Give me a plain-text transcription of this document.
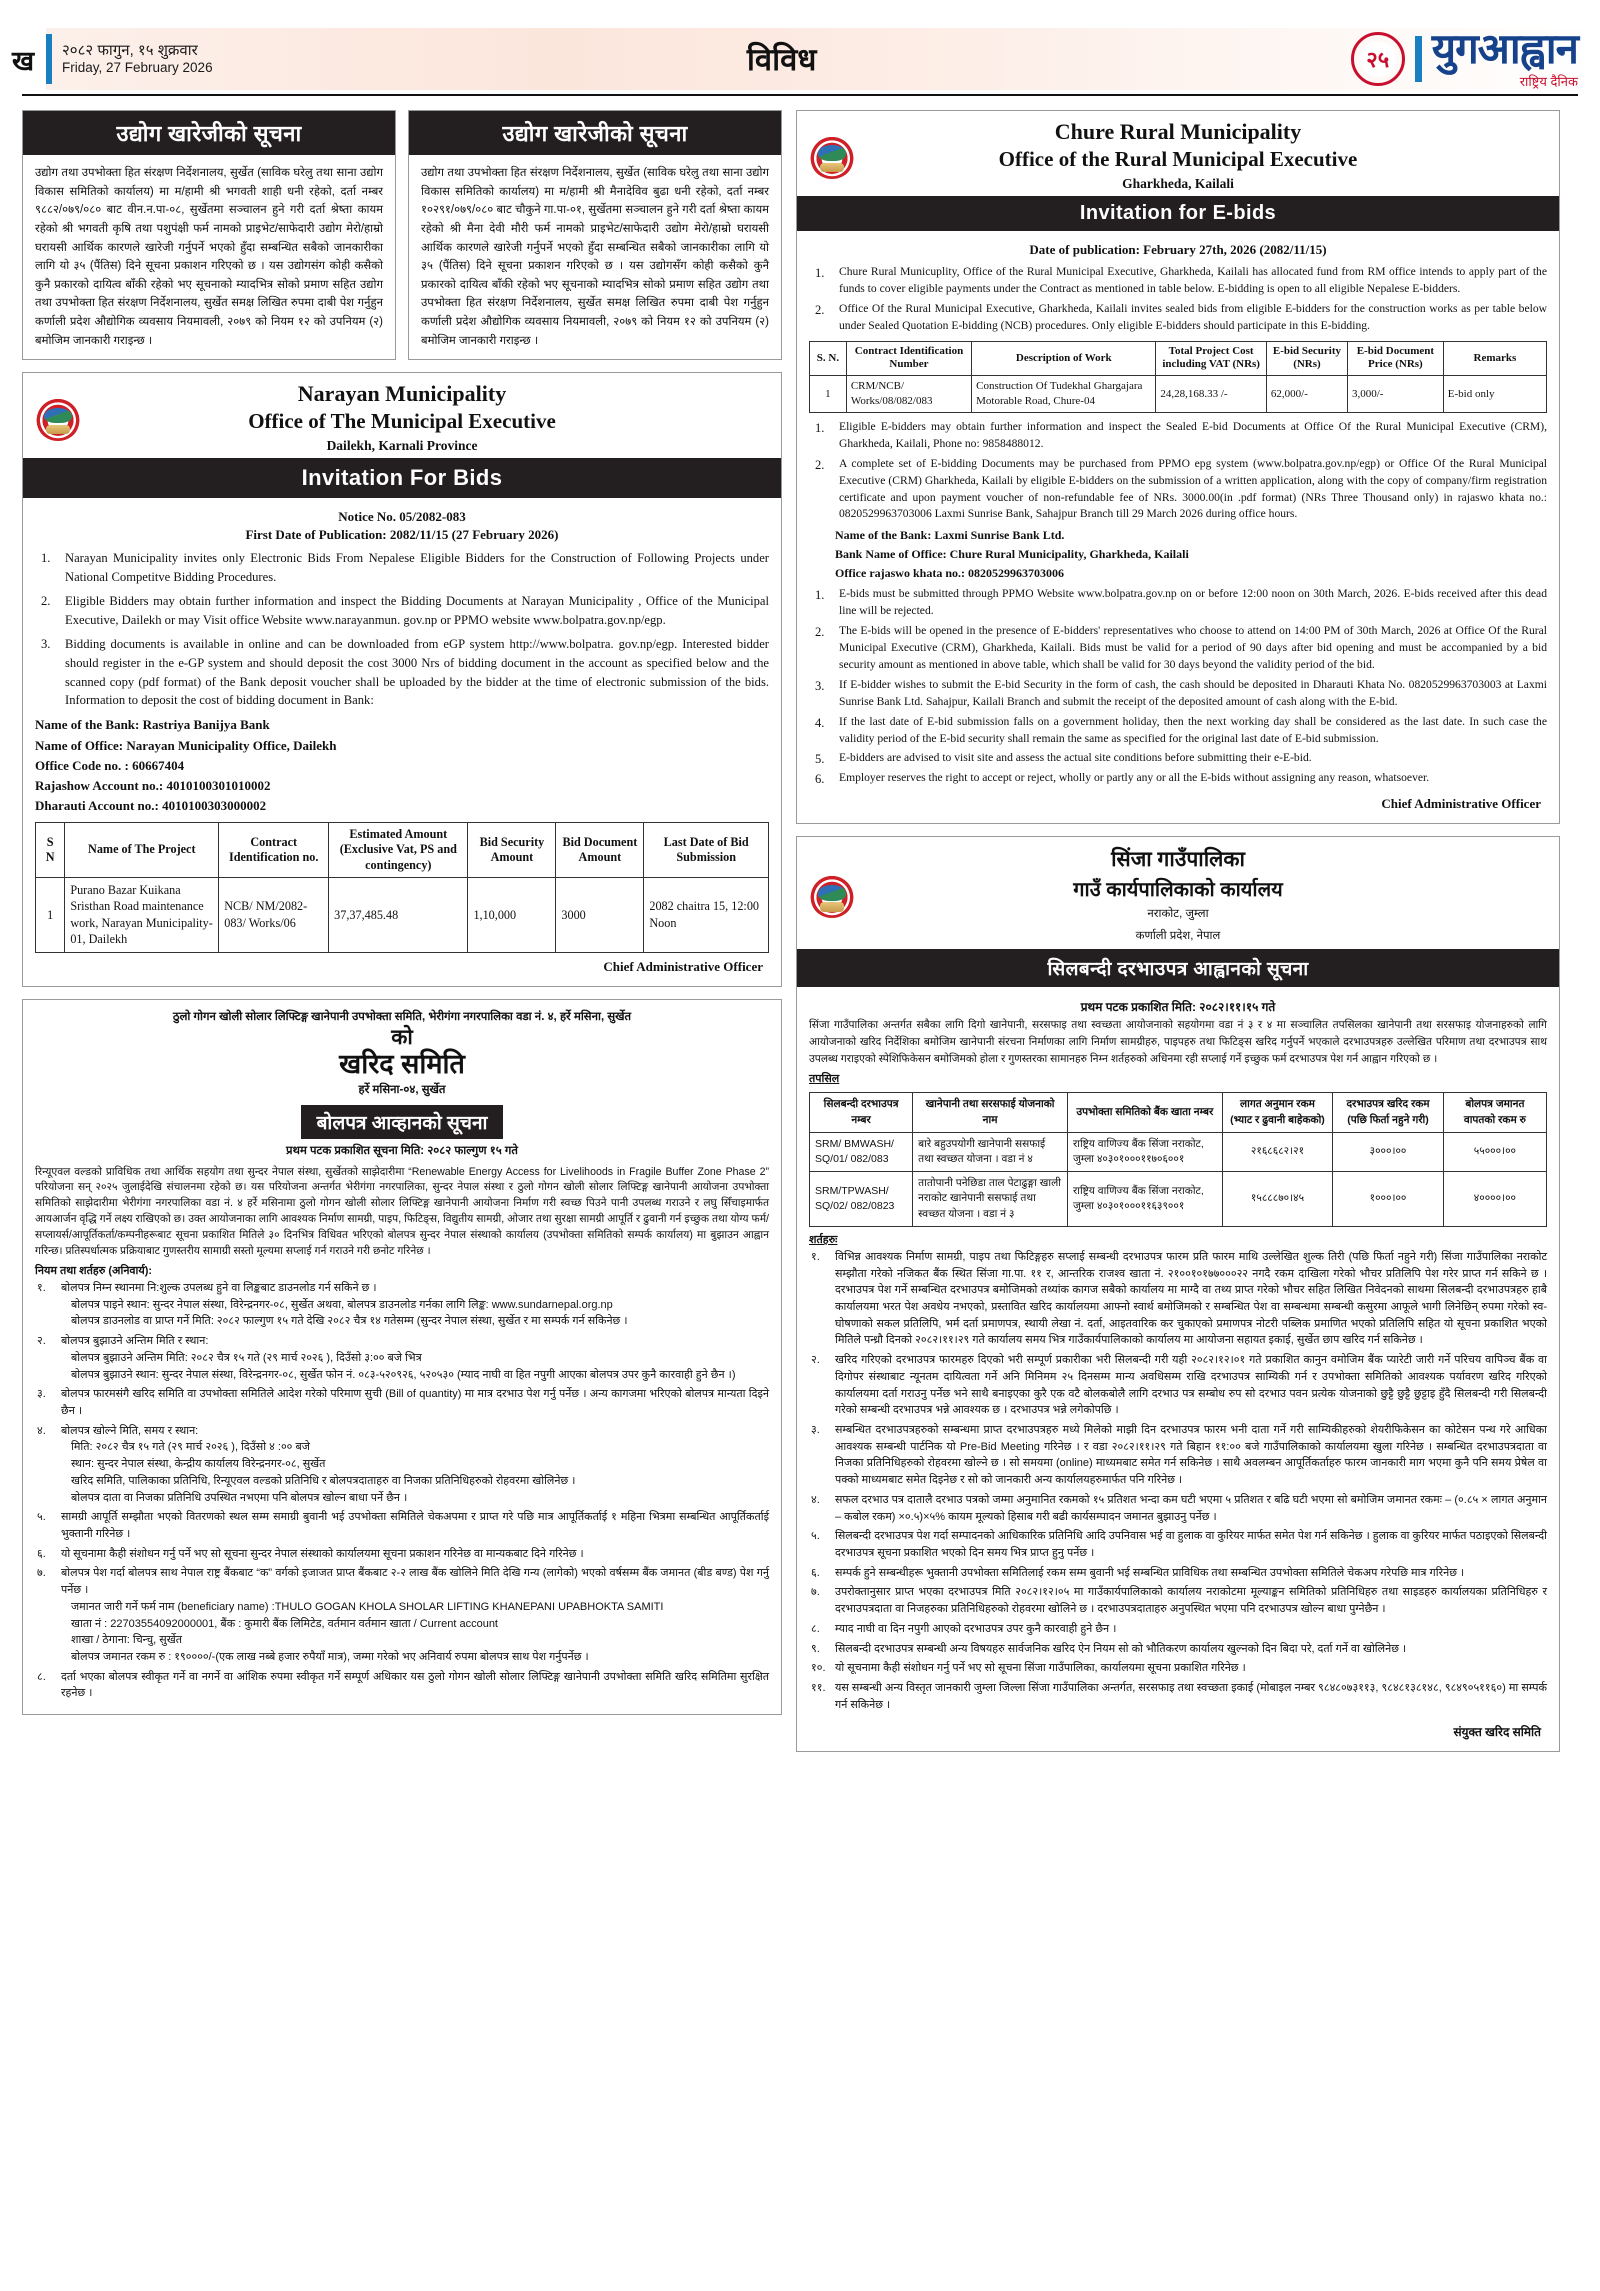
ख	२०८२ फागुन, १५ शुक्रवार
Friday, 27 February 2026	विविध	२५ युगआह्वान
राष्ट्रिय दैनिक
उद्योग खारेजीको सूचना
उद्योग तथा उपभोक्ता हित संरक्षण निर्देशनालय, सुर्खेत (साविक घरेलु तथा साना उद्योग विकास समितिको कार्यालय) मा म/हामी श्री भगवती शाही धनी रहेको, दर्ता नम्बर ९८८२/०७९/०८० बाट वीन.न.पा-०८, सुर्खेतमा सञ्चालन हुने गरी दर्ता श्रेष्ता कायम रहेको श्री भगवती कृषि तथा पशुपंक्षी फर्म नामको प्राइभेट/साफेदारी उद्योग मेरो/हाम्रो घरायसी आर्थिक कारणले खारेजी गर्नुपर्ने भएको हुँदा सम्बन्धित सबैको जानकारीका लागि यो ३५ (पैंतिस) दिने सूचना प्रकाशन गरिएको छ । यस उद्योगसंग कोही कसैको कुनै प्रकारको दायित्व बाँकी रहेको भए सूचनाको म्यादभित्र सोको प्रमाण सहित उद्योग तथा उपभोक्ता हित संरक्षण निर्देशनालय, सुर्खेत समक्ष लिखित रुपमा दाबी पेश गर्नुहुन कर्णाली प्रदेश औद्योगिक व्यवसाय नियमावली, २०७९ को नियम १२ को उपनियम (२) बमोजिम जानकारी गराइन्छ ।
उद्योग खारेजीको सूचना
उद्योग तथा उपभोक्ता हित संरक्षण निर्देशनालय, सुर्खेत (साविक घरेलु तथा साना उद्योग विकास समितिको कार्यालय) मा म/हामी श्री मैनादेविव बुढा धनी रहेको, दर्ता नम्बर १०२९१/०७९/०८० बाट चौकुने गा.पा-०१, सुर्खेतमा सञ्चालन हुने गरी दर्ता श्रेष्ता कायम रहेको श्री मैना देवी मौरी फर्म नामको प्राइभेट/साफेदारी उद्योग मेरो/हाम्रो घरायसी आर्थिक कारणले खारेजी गर्नुपर्ने भएको हुँदा सम्बन्धित सबैको जानकारीका लागि यो ३५ (पैंतिस) दिने सूचना प्रकाशन गरिएको छ । यस उद्योगसँग कोही कसैको कुनै प्रकारको दायित्व बाँकी रहेको भए सूचनाको म्यादभित्र सोको प्रमाण सहित उद्योग तथा उपभोक्ता हित संरक्षण निर्देशनालय, सुर्खेत समक्ष लिखित रुपमा दाबी पेश गर्नुहुन कर्णाली प्रदेश औद्योगिक व्यवसाय नियमावली, २०७९ को नियम १२ को उपनियम (२) बमोजिम जानकारी गराइन्छ ।
Narayan Municipality
Office of The Municipal Executive
Dailekh, Karnali Province
Invitation For Bids
Notice No. 05/2082-083
First Date of Publication: 2082/11/15 (27 February 2026)
Narayan Municipality invites only Electronic Bids From Nepalese Eligible Bidders for the Construction of Following Projects under National Competitve Bidding Procedures.
Eligible Bidders may obtain further information and inspect the Bidding Documents at Narayan Municipality , Office of the Municipal Executive, Dailekh or may Visit office Website www.narayanmun. gov.np or PPMO website www.bolpatra.gov.np/egp.
Bidding documents is available in online and can be downloaded from eGP system http://www.bolpatra. gov.np/egp. Interested bidder should register in the e-GP system and should deposit the cost 3000 Nrs of bidding document in the account as specified below and the scanned copy (pdf format) of the Bank deposit voucher shall be uploaded by the bidder at the time of electronic submission of the bids. Information to deposit the cost of bidding document in Bank:
Name of the Bank: Rastriya Banijya Bank
Name of Office: Narayan Municipality Office, Dailekh
Office Code no. : 60667404
Rajashow Account no.: 4010100301010002
Dharauti Account no.: 4010100303000002
S N	Name of The Project	Contract Identification no.	Estimated Amount (Exclusive Vat, PS and contingency)	Bid Security Amount	Bid Document Amount	Last Date of Bid Submission
1	Purano Bazar Kuikana Sristhan Road maintenance work, Narayan Municipality-01, Dailekh	NCB/ NM/2082-083/ Works/06	37,37,485.48	1,10,000	3000	2082 chaitra 15, 12:00 Noon
Chief Administrative Officer
ठुलो गोगन खोली सोलार लिफ्टिङ्ग खानेपानी उपभोक्ता समिति, भेरीगंगा नगरपालिका वडा नं. ४, हर्रे मसिना, सुर्खेत
को
खरिद समिति
हर्रे मसिना-०४, सुर्खेत
बोलपत्र आव्हानको सूचना
प्रथम पटक प्रकाशित सूचना मिति: २०८२ फाल्गुण १५ गते
रिन्यूएवल वल्डको प्राविधिक तथा आर्थिक सहयोग तथा सुन्दर नेपाल संस्था, सुर्खेतको साझेदारीमा “Renewable Energy Access for Livelihoods in Fragile Buffer Zone Phase 2” परियोजना सन् २०२५ जुलाईदेखि संचालनमा रहेको छ। यस परियोजना अन्तर्गत भेरीगंगा नगरपालिका, सुन्दर नेपाल संस्था र ठुलो गोगन खोली सोलार लिफ्टिङ्ग खानेपानी आयोजना उपभोक्ता समितिको साझेदारीमा भेरीगंगा नगरपालिका वडा नं. ४ हर्रे मसिनामा ठुलो गोगन खोली सोलार लिफ्टिङ्ग खानेपानी आयोजना निर्माण गरी स्वच्छ पिउने पानी उपलब्ध गराउने र लघु सिँचाइमार्फत आयआर्जन वृद्धि गर्ने लक्ष्य राखिएको छ। उक्त आयोजनाका लागि आवश्यक निर्माण सामग्री, पाइप, फिटिङ्स, विद्युतीय सामग्री, ओजार तथा सुरक्षा सामग्री आपूर्ति र ढुवानी गर्न इच्छुक तथा योग्य फर्म/सप्लायर्स/आपूर्तिकर्ता/कम्पनीहरूबाट सूचना प्रकाशित मितिले ३० दिनभित्र विधिवत भरिएको बोलपत्र सुन्दर नेपाल संस्थाको कार्यालय (उपभोक्ता समितिको सम्पर्क कार्यालय) मा बुझाउन आह्वान गरिन्छ। प्रतिस्पर्धात्मक प्रक्रियाबाट गुणस्तरीय सामाग्री सस्तो मूल्यमा सप्लाई गर्न गराउने गरी छनोट गरिनेछ ।
नियम तथा शर्तहरु (अनिवार्य):
१. बोलपत्र निम्न स्थानमा नि:शुल्क उपलब्ध हुने वा लिङ्कबाट डाउनलोड गर्न सकिने छ ।
बोलपत्र पाइने स्थान: सुन्दर नेपाल संस्था, विरेन्द्रनगर-०८, सुर्खेत अथवा, बोलपत्र डाउनलोड गर्नका लागि लिङ्क: www.sundarnepal.org.np
बोलपत्र डाउनलोड वा प्राप्त गर्ने मिति: २०८२ फाल्गुण १५ गते देखि २०८२ चैत्र १४ गतेसम्म (सुन्दर नेपाल संस्था, सुर्खेत र मा सम्पर्क गर्न सकिनेछ ।
२. बोलपत्र बुझाउने अन्तिम मिति र स्थान:
बोलपत्र बुझाउने अन्तिम मिति: २०८२ चैत्र १५ गते (२९ मार्च २०२६ ), दिउँसो ३:०० बजे भित्र
बोलपत्र बुझाउने स्थान: सुन्दर नेपाल संस्था, विरेन्द्रनगर-०८, सुर्खेत फोन नं. ०८३-५२०९२६, ५२०५३० (म्याद नाघी वा हित नपुगी आएका बोलपत्र उपर कुनै कारवाही हुने छैन ।)
३. बोलपत्र फारमसंगै खरिद समिति वा उपभोक्ता समितिले आदेश गरेको परिमाण सुची (Bill of quantity) मा मात्र दरभाउ पेश गर्नु पर्नेछ । अन्य कागजमा भरिएको बोलपत्र मान्यता दिइने छैन ।
४. बोलपत्र खोल्ने मिति, समय र स्थान:
मिति: २०८२ चैत्र १५ गते (२९ मार्च २०२६ ), दिउँसो ४ :०० बजे
स्थान: सुन्दर नेपाल संस्था, केन्द्रीय कार्यालय विरेन्द्रनगर-०८, सुर्खेत
खरिद समिति, पालिकाका प्रतिनिधि, रिन्यूएवल वल्डको प्रतिनिधि र बोलपत्रदाताहरु वा निजका प्रतिनिधिहरुको रोहवरमा खोलिनेछ ।
बोलपत्र दाता वा निजका प्रतिनिधि उपस्थित नभएमा पनि बोलपत्र खोल्न बाधा पर्ने छैन ।
५. सामग्री आपूर्ति सम्झौता भएको वितरणको स्थल सम्म समाग्री बुवानी भई उपभोक्ता समितिले चेकअपमा र प्राप्त गरे पछि मात्र आपूर्तिकर्ताई १ महिना भित्रमा सम्बन्धित आपूर्तिकर्ताई भुक्तानी गरिनेछ ।
६. यो सूचनामा कैही संशोधन गर्नु पर्ने भए सो सूचना सुन्दर नेपाल संस्थाको कार्यालयमा सूचना प्रकाशन गरिनेछ वा मान्यकबाट दिने गरिनेछ ।
७. बोलपत्र पेश गर्दा बोलपत्र साथ नेपाल राष्ट्र बैंकबाट “क” वर्गको इजाजत प्राप्त बैंकबाट २-२ लाख बैंक खोलिने मिति देखि गन्य (लागेको) भएको वर्षसम्म बैंक जमानत (बीड बण्ड) पेश गर्नु पर्नेछ ।
जमानत जारी गर्ने फर्म नाम (beneficiary name) :THULO GOGAN KHOLA SHOLAR LIFTING KHANEPANI UPABHOKTA SAMITI
खाता नं : 22703554092000001, बैंक : कुमारी बैंक लिमिटेड, वर्तमान वर्तमान खाता / Current account
शाखा / ठेगाना: चिन्चु, सुर्खेत
बोलपत्र जमानत रकम रु : १९००००/-(एक लाख नब्बे हजार रुपैयाँ मात्र), जम्मा गरेको भए अनिवार्य रुपमा बोलपत्र साथ पेश गर्नुपर्नेछ ।
८. दर्ता भएका बोलपत्र स्वीकृत गर्ने वा नगर्ने वा आंशिक रुपमा स्वीकृत गर्ने सम्पूर्ण अधिकार यस ठुलो गोगन खोली सोलार लिफ्टिङ्ग खानेपानी उपभोक्ता समिति खरिद समितिमा सुरक्षित रहनेछ ।
Chure Rural Municipality
Office of the Rural Municipal Executive
Gharkheda, Kailali
Invitation for E-bids
Date of publication: February 27th, 2026 (2082/11/15)
Chure Rural Municuplity, Office of the Rural Municipal Executive, Gharkheda, Kailali has allocated fund from RM office intends to apply part of the funds to cover eligible payments under the Contract as mentioned in table below. E-bidding is open to all eligible Nepalese E-bidders.
Office Of the Rural Municipal Executive, Gharkheda, Kailali invites sealed bids from eligible E-bidders for the construction works as per table below under Sealed Quotation E-bidding (NCB) procedures. Only eligible E-bidders should participate in this E-bidding.
S. N.	Contract Identification Number	Description of Work	Total Project Cost including VAT (NRs)	E-bid Security (NRs)	E-bid Document Price (NRs)	Remarks
1	CRM/NCB/ Works/08/082/083	Construction Of Tudekhal Ghargajara Motorable Road, Chure-04	24,28,168.33 /-	62,000/-	3,000/-	E-bid only
Eligible E-bidders may obtain further information and inspect the Sealed E-bid Documents at Office Of the Rural Municipal Executive (CRM), Gharkheda, Kailali, Phone no: 9858488012.
A complete set of E-bidding Documents may be purchased from PPMO epg system (www.bolpatra.gov.np/egp) or Office Of the Rural Municipal Executive (CRM) Gharkheda, Kailali by eligible E-bidders on the submission of a written application, along with the copy of company/firm registration certificate and upon payment voucher of non-refundable fee of NRs. 3000.00(in .pdf format) (NRs Three Thousand only) in rajaswo khata no.: 0820529963703006 Laxmi Sunrise Bank, Sahajpur Branch till 29 March 2026 during office hours.
Name of the Bank: Laxmi Sunrise Bank Ltd.
Bank Name of Office: Chure Rural Municipality, Gharkheda, Kailali
Office rajaswo khata no.: 0820529963703006
E-bids must be submitted through PPMO Website www.bolpatra.gov.np on or before 12:00 noon on 30th March, 2026. E-bids received after this dead line will be rejected.
The E-bids will be opened in the presence of E-bidders' representatives who choose to attend on 14:00 PM of 30th March, 2026 at Office Of the Rural Municipal Executive (CRM), Gharkheda, Kailali. Bids must be valid for a period of 90 days after bid opening and must be accompanied by a bid security amount as mentioned in above table, which shall be valid for 30 days beyond the validity period of the bid.
If E-bidder wishes to submit the E-bid Security in the form of cash, the cash should be deposited in Dharauti Khata No. 0820529963703003 at Laxmi Sunrise Bank Ltd. Sahajpur, Kailali Branch and submit the receipt of the deposited amount of cash along with the E-bid.
If the last date of E-bid submission falls on a government holiday, then the next working day shall be considered as the last date. In such case the validity period of the E-bid security shall remain the same as specified for the original last date of E-bid submission.
E-bidders are advised to visit site and assess the actual site conditions before submitting their e-E-bid.
Employer reserves the right to accept or reject, wholly or partly any or all the E-bids without assigning any reason, whatsoever.
Chief Administrative Officer
सिंजा गाउँपालिका
गाउँ कार्यपालिकाको कार्यालय
नराकोट, जुम्ला
कर्णाली प्रदेश, नेपाल
सिलबन्दी दरभाउपत्र आह्वानको सूचना
प्रथम पटक प्रकाशित मिति: २०८२।११।१५ गते
सिंजा गाउँपालिका अन्तर्गत सबैका लागि दिगो खानेपानी, सरसफाइ तथा स्वच्छता आयोजनाको सहयोगमा वडा नं ३ र ४ मा सञ्चालित तपसिलका खानेपानी तथा सरसफाइ योजनाहरुको लागि आयोजनाको खरिद निर्देशिका बमोजिम खानेपानी संरचना निर्माणका लागि निर्माण सामग्रीहरु, पाइपहरु तथा फिटिङ्स खरिद गर्नुपर्ने भएकाले दरभाउपत्रहरु उल्लेखित परिमाण तथा दरभाउपत्र साथ उपलब्ध गराइएको स्पेशिफिकेसन बमोजिमको होला र गुणस्तरका सामानहरु निम्न शर्तहरुको अधिनमा रही सप्लाई गर्ने इच्छुक फर्म दरभाउपत्र पेश गर्न आह्वान गरिएको छ ।
तपसिल
सिलबन्दी दरभाउपत्र नम्बर	खानेपानी तथा सरसफाई योजनाको नाम	उपभोक्ता समितिको बैंक खाता नम्बर	लागत अनुमान रकम (भ्याट र ढुवानी बाहेकको)	दरभाउपत्र खरिद रकम (पछि फिर्ता नहुने गरी)	बोलपत्र जमानत वापतको रकम रु
SRM/ BMWASH/ SQ/01/ 082/083	बारे बहुउपयोगी खानेपानी ससफाई तथा स्वच्छत योजना । वडा नं ४	राष्ट्रिय वाणिज्य बैंक सिंजा नराकोट, जुम्ला ४०३०१०००११७०६००१	२१६८६८२।२१	३०००।००	५५०००।००
SRM/TPWASH/ SQ/02/ 082/0823	तातोपानी पनेछिडा ताल पेटाढुङ्गा खाली नराकोट खानेपानी ससफाई तथा स्वच्छत योजना । वडा नं ३	राष्ट्रिय वाणिज्य बैंक सिंजा नराकोट, जुम्ला ४०३०१०००११६३९००१	१५८८८७०।४५	१०००।००	४००००।००
शर्तहरुः
१. विभिन्न आवश्यक निर्माण सामग्री, पाइप तथा फिटिङ्गहरु सप्लाई सम्बन्धी दरभाउपत्र फारम प्रति फारम माथि उल्लेखित शुल्क तिरी (पछि फिर्ता नहुने गरी) सिंजा गाउँपालिका नराकोट सम्झौता गरेको नजिकत बैंक स्थित सिंजा गा.पा. ११ र, आन्तरिक राजश्व खाता नं. २१००१०१७७०००२२ नगदै रकम दाखिला गरेको भौचर प्रतिलिपि पेश गरेर प्राप्त गर्न सकिने छ । दरभाउपत्र पेश गर्ने सम्बन्धित दरभाउपत्र बमोजिमको तथ्यांक कागज सबैको कार्यालय मा माग्दै वा तथ्य प्राप्त गरेको भौचर सहित लिखित निवेदनको साथमा सिलबन्दी दरभाउपत्रहरु हाबै कार्यालयमा भरत पेश अवधेय नभएको, प्रस्तावित खरिद कार्यालयमा आफ्नो स्वार्थ बमोजिमको र सम्बन्धित पेश वा सम्बन्धमा सम्बन्धी कसुरमा आफूले भागी लिनेछिन् रुपमा गरेको स्व-घोषणाको सकल प्रतिलिपि, भर्म दर्ता प्रमाणपत्र, स्थायी लेखा नं. दर्ता, आइतवारिक कर चुकाएको प्रमाणपत्र नोटरी पब्लिक प्रमाणित भएको प्रतिलिपि सहित यो सूचना प्रकाशित भएको मितिले पन्ध्रौ दिनको २०८२।११।२९ गते कार्यालय समय भित्र गाउँकार्यपालिकाको कार्यालय मा आयोजना सहायत इकाई, सुर्खेत छाप खरिद गर्न सकिनेछ ।
२. खरिद गरिएको दरभाउपत्र फारमहरु दिएको भरी सम्पूर्ण प्रकारीका भरी सिलबन्दी गरी यही २०८२।१२।०१ गते प्रकाशित कानुन वमोजिम बैंक प्यारेटी जारी गर्ने परिचय वापिञ्च बैंक वा दिगोपर संस्थाबाट न्यूनतम दायित्वता गर्ने अनि मिनिमम २५ दिनसम्म मान्य अवधिसम्म राखि दरभाउपत्र साम्यिकी गर्न र उपभोक्ता समितिको आवश्यक पर्यावरण खरिद गरिएको कार्यालयमा दर्ता गराउनु पर्नेछ भने साथै बनाइएका कुरै एक वटै बोलकबोलै लागि दरभाउ पत्र सम्बोध रुप सो दरभाउ पवन प्रत्येक योजनाको छुट्टै छुट्टै छुट्टाइ हुँदै सिलबन्दी गरी सिलबन्दी गरेको सम्बन्धी दरभाउपत्र भन्ने आवश्यक छ । दरभाउपत्र भन्ने लगेकोपछि ।
३. सम्बन्धित दरभाउपत्रहरुको सम्बन्धमा प्राप्त दरभाउपत्रहरु मध्ये मिलेको माझी दिन दरभाउपत्र फारम भनी दाता गर्ने गरी साम्यिकीहरुको शेयरीफिकेसन का कोटेसन पन्थ गरे आधिका आवश्यक सम्बन्धी पार्टनिक यो Pre-Bid Meeting गरिनेछ । र वडा २०८२।११।२९ गते बिहान ११:०० बजे गाउँपालिकाको कार्यालयमा खुला गरिनेछ । सम्बन्धित दरभाउपत्रदाता वा निजका प्रतिनिधिहरुको रोहवरमा खोल्ने छ । सो समयमा (online) माध्यमबाट समेत गर्न सकिनेछ । साथै अवलम्बन आपूर्तिकर्ताहरु फारम जानकारी माग भएमा कुनै पनि समय प्रेषेल वा पक्को माध्यमबाट समेत दिइनेछ र सो को जानकारी अन्य कार्यालयहरुमार्फत पनि गरिनेछ ।
४. सफल दरभाउ पत्र दातालै दरभाउ पत्रको जम्मा अनुमानित रकमको १५ प्रतिशत भन्दा कम घटी भएमा ५ प्रतिशत र बढि घटी भएमा सो बमोजिम जमानत रकमः – (०.८५ × लागत अनुमान – कबोल रकम) ×०.५)×५% कायम मूल्यको हिसाब गरी बढी कार्यसम्पादन जमानत बुझाउनु पर्नेछ ।
५. सिलबन्दी दरभाउपत्र पेश गर्दा सम्पादनको आधिकारिक प्रतिनिधि आदि उपनिवास भई वा हुलाक वा कुरियर मार्फत समेत पेश गर्न सकिनेछ । हुलाक वा कुरियर मार्फत पठाइएको सिलबन्दी दरभाउपत्र सूचना प्रकाशित भएको दिन समय भित्र प्राप्त हुनु पर्नेछ ।
६. सम्पर्क हुने सम्बन्धीहरू भुक्तानी उपभोक्ता समितिलाई रकम सम्म बुवानी भई सम्बन्धित प्राविधिक तथा सम्बन्धित उपभोक्ता समितिले चेकअप गरेपछि मात्र गरिनेछ ।
७. उपरोक्तानुसार प्राप्त भएका दरभाउपत्र मिति २०८२।१२।०५ मा गाउँकार्यपालिकाको कार्यालय नराकोटमा मूल्याङ्कन समितिको प्रतिनिधिहरु तथा साइडहरु कार्यालयका प्रतिनिधिहरु र दरभाउपत्रदाता वा निजहरुका प्रतिनिधिहरुको रोहवरमा खोलिने छ । दरभाउपत्रदाताहरु अनुपस्थित भएमा पनि दरभाउपत्र खोल्न बाधा पुग्नेछैन ।
८. म्याद नाघी वा दिन नपुगी आएको दरभाउपत्र उपर कुनै कारवाही हुने छैन ।
९. सिलबन्दी दरभाउपत्र सम्बन्धी अन्य विषयहरु सार्वजनिक खरिद ऐन नियम सो को भौतिकरण कार्यालय खुल्नको दिन बिदा परे, दर्ता गर्ने वा खोलिनेछ ।
१०. यो सूचनामा कैही संशोधन गर्नु पर्ने भए सो सूचना सिंजा गाउँपालिका, कार्यालयमा सूचना प्रकाशित गरिनेछ ।
११. यस सम्बन्धी अन्य विस्तृत जानकारी जुम्ला जिल्ला सिंजा गाउँपालिका अन्तर्गत, सरसफाइ तथा स्वच्छता इकाई (मोबाइल नम्बर ९८४८०७३११३, ९८४८१३८१४८, ९८४९०५११६०) मा सम्पर्क गर्न सकिनेछ ।
संयुक्त खरिद समिति
